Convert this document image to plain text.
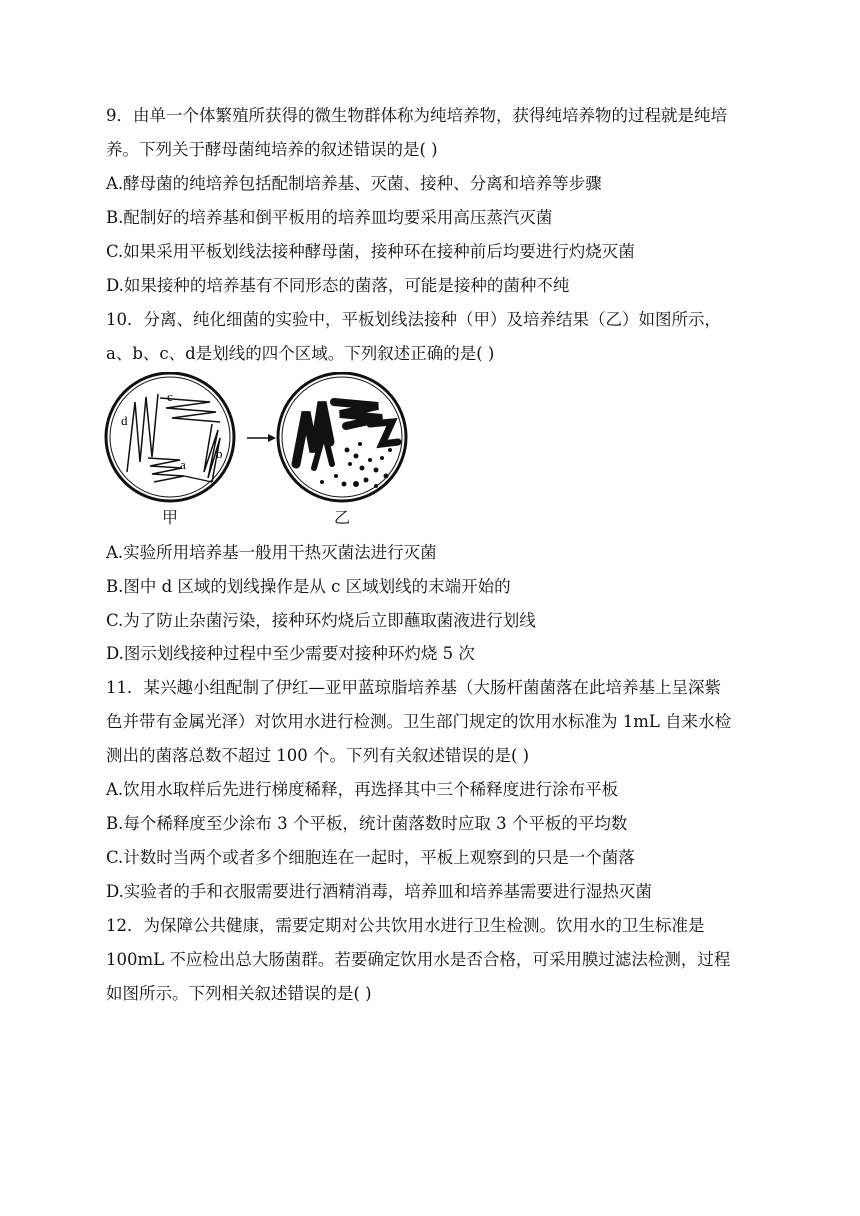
9．由单一个体繁殖所获得的微生物群体称为纯培养物，获得纯培养物的过程就是纯培
养。下列关于酵母菌纯培养的叙述错误的是( )
A.酵母菌的纯培养包括配制培养基、灭菌、接种、分离和培养等步骤
B.配制好的培养基和倒平板用的培养皿均要采用高压蒸汽灭菌
C.如果采用平板划线法接种酵母菌，接种环在接种前后均要进行灼烧灭菌
D.如果接种的培养基有不同形态的菌落，可能是接种的菌种不纯
10．分离、纯化细菌的实验中，平板划线法接种（甲）及培养结果（乙）如图所示，
a、b、c、d是划线的四个区域。下列叙述正确的是( )
d
c
b
a
甲	乙
A.实验所用培养基一般用干热灭菌法进行灭菌
B.图中 d 区域的划线操作是从 c 区域划线的末端开始的
C.为了防止杂菌污染，接种环灼烧后立即蘸取菌液进行划线
D.图示划线接种过程中至少需要对接种环灼烧 5 次
11．某兴趣小组配制了伊红—亚甲蓝琼脂培养基（大肠杆菌菌落在此培养基上呈深紫
色并带有金属光泽）对饮用水进行检测。卫生部门规定的饮用水标准为 1mL 自来水检
测出的菌落总数不超过 100 个。下列有关叙述错误的是( )
A.饮用水取样后先进行梯度稀释，再选择其中三个稀释度进行涂布平板
B.每个稀释度至少涂布 3 个平板，统计菌落数时应取 3 个平板的平均数
C.计数时当两个或者多个细胞连在一起时，平板上观察到的只是一个菌落
D.实验者的手和衣服需要进行酒精消毒，培养皿和培养基需要进行湿热灭菌
12．为保障公共健康，需要定期对公共饮用水进行卫生检测。饮用水的卫生标准是
100mL 不应检出总大肠菌群。若要确定饮用水是否合格，可采用膜过滤法检测，过程
如图所示。下列相关叙述错误的是( )
